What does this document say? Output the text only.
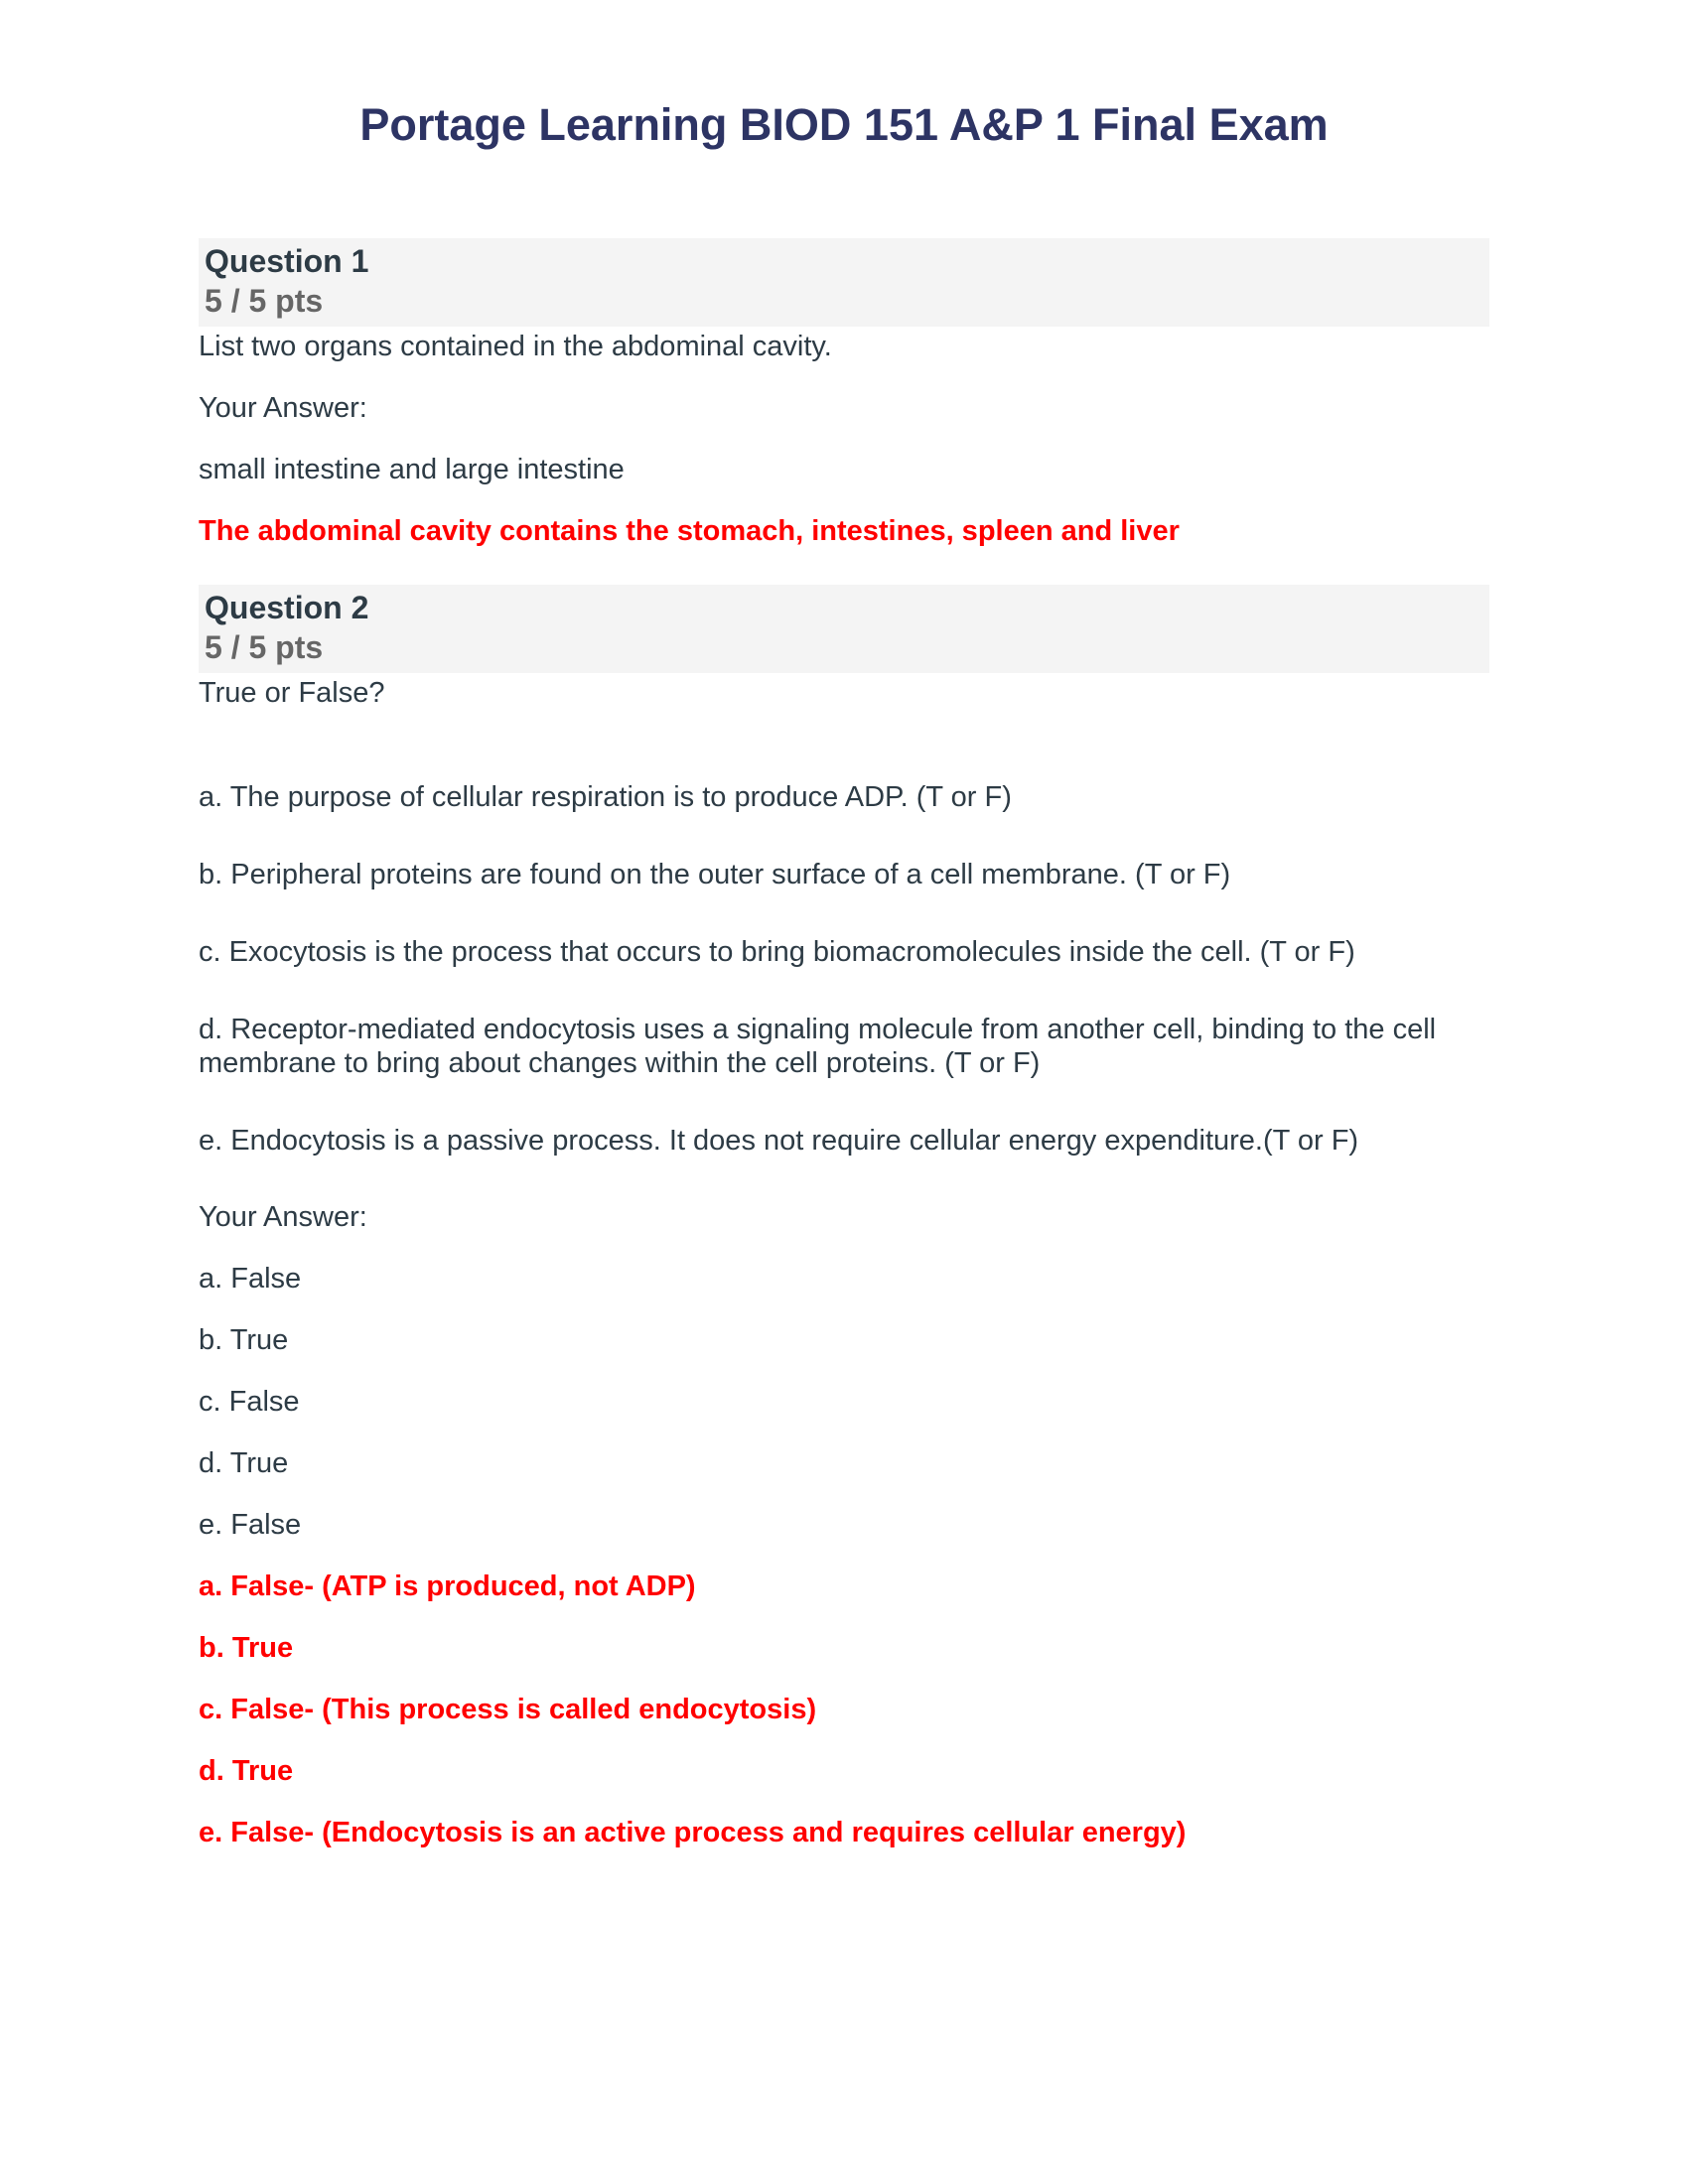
Portage Learning BIOD 151 A&P 1 Final Exam
Question 1
5 / 5 pts

List two organs contained in the abdominal cavity.

Your Answer:

small intestine and large intestine

The abdominal cavity contains the stomach, intestines, spleen and liver

Question 2
5 / 5 pts

True or False?

a. The purpose of cellular respiration is to produce ADP. (T or F)

b. Peripheral proteins are found on the outer surface of a cell membrane. (T or F)

c. Exocytosis is the process that occurs to bring biomacromolecules inside the cell. (T or F)

d. Receptor-mediated endocytosis uses a signaling molecule from another cell, binding to the cell membrane to bring about changes within the cell proteins. (T or F)

e. Endocytosis is a passive process. It does not require cellular energy expenditure.(T or F)

Your Answer:

a. False

b. True

c. False

d. True

e. False

a. False- (ATP is produced, not ADP)

b. True

c. False- (This process is called endocytosis)

d. True

e. False- (Endocytosis is an active process and requires cellular energy)
